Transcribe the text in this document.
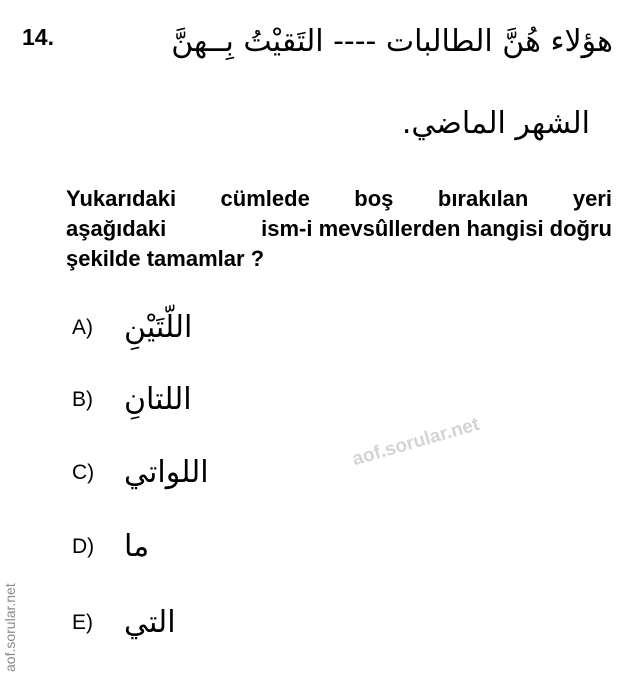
14.	هؤلاء هُنَّ الطالبات ---- التَقيْتُ بِــهنَّ
الشهر الماضي.
Yukarıdaki cümlede boş bırakılan yeri
aşağıdaki	ism-i mevsûllerden hangisi doğru
şekilde tamamlar ?
A)	اللّتَيْنِ
B)	اللتانِ
C) اللواتي
D) ما
E)	التي
aof.sorular.net
aof.sorular.net
